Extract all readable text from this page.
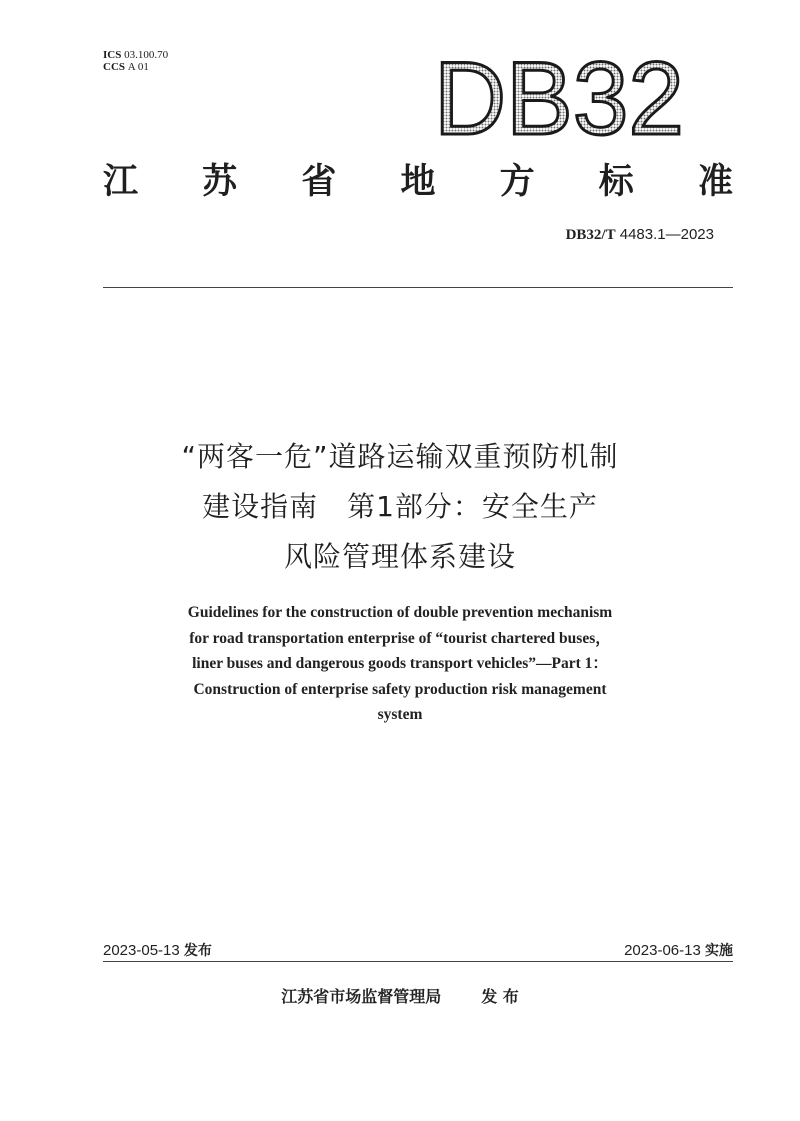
ICS 03.100.70
CCS A 01	DB32
江 苏 省 地 方 标 准
DB32/T 4483.1—2023
“两客一危”道路运输双重预防机制
建设指南　第1部分：安全生产
风险管理体系建设
Guidelines for the construction of double prevention mechanism
for road transportation enterprise of “tourist chartered buses，
liner buses and dangerous goods transport vehicles”—Part 1：
Construction of enterprise safety production risk management
system
2023-05-13 发布	2023-06-13 实施
江苏省市场监督管理局	发 布
